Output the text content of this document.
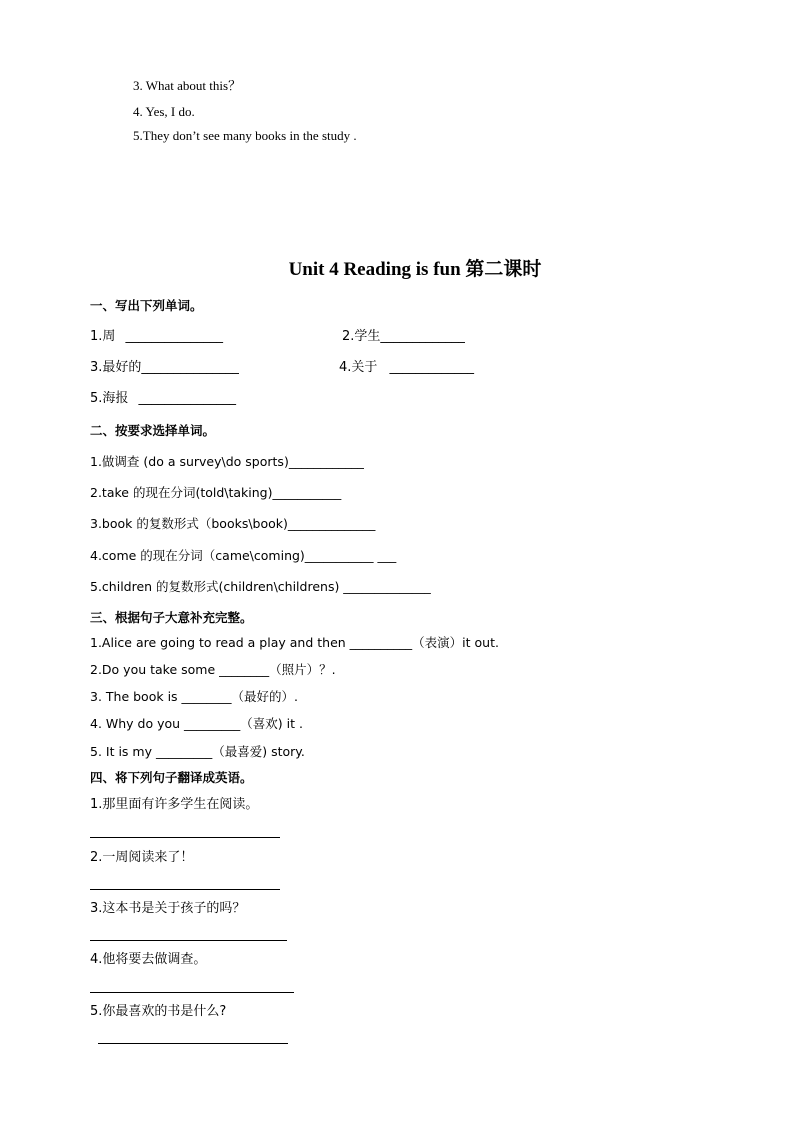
3. What about this？
4. Yes, I do.
5.They don’t see many books in the study .
Unit 4 Reading is fun 第二课时
一、写出下列单词。
1.周 _______________	2.学生_____________
3.最好的_______________	4.关于 _____________
5.海报 _______________
二、按要求选择单词。
1.做调查 (do a survey\do sports)____________
2.take 的现在分词(told\taking)___________
3.book 的复数形式（books\book)______________
4.come 的现在分词（came\coming)___________ ___
5.children 的复数形式(children\childrens) ______________
三、根据句子大意补充完整。
1.Alice are going to read a play and then __________（表演）it out.
2.Do you take some ________（照片）？.
3. The book is ________（最好的）.
4. Why do you _________（喜欢) it .
5. It is my _________（最喜爱) story.
四、将下列句子翻译成英语。
1.那里面有许多学生在阅读。
2.一周阅读来了！
3.这本书是关于孩子的吗？
4.他将要去做调查。
5.你最喜欢的书是什么?
